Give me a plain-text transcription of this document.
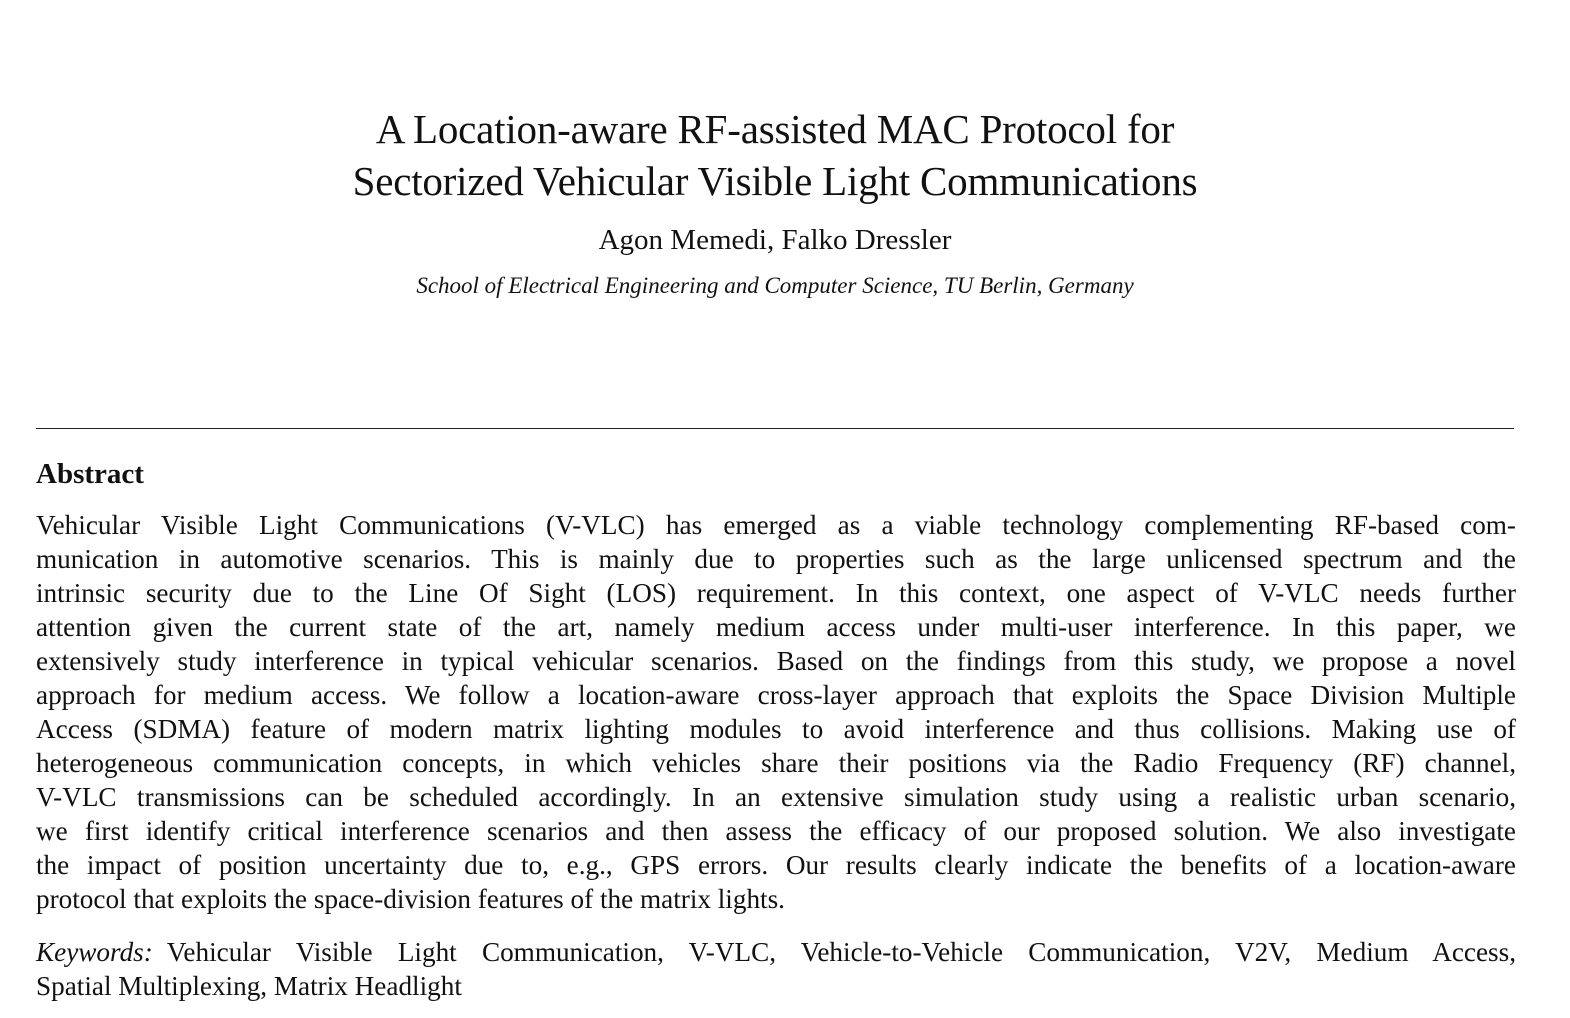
A Location-aware RF-assisted MAC Protocol for
Sectorized Vehicular Visible Light Communications
Agon Memedi, Falko Dressler
School of Electrical Engineering and Computer Science, TU Berlin, Germany
Abstract
Vehicular Visible Light Communications (V-VLC) has emerged as a viable technology complementing RF-based com-
munication in automotive scenarios. This is mainly due to properties such as the large unlicensed spectrum and the
intrinsic security due to the Line Of Sight (LOS) requirement. In this context, one aspect of V-VLC needs further
attention given the current state of the art, namely medium access under multi-user interference. In this paper, we
extensively study interference in typical vehicular scenarios. Based on the findings from this study, we propose a novel
approach for medium access. We follow a location-aware cross-layer approach that exploits the Space Division Multiple
Access (SDMA) feature of modern matrix lighting modules to avoid interference and thus collisions. Making use of
heterogeneous communication concepts, in which vehicles share their positions via the Radio Frequency (RF) channel,
V-VLC transmissions can be scheduled accordingly. In an extensive simulation study using a realistic urban scenario,
we first identify critical interference scenarios and then assess the efficacy of our proposed solution. We also investigate
the impact of position uncertainty due to, e.g., GPS errors. Our results clearly indicate the benefits of a location-aware
protocol that exploits the space-division features of the matrix lights.
Keywords: Vehicular Visible Light Communication, V-VLC, Vehicle-to-Vehicle Communication, V2V, Medium Access,
Spatial Multiplexing, Matrix Headlight
